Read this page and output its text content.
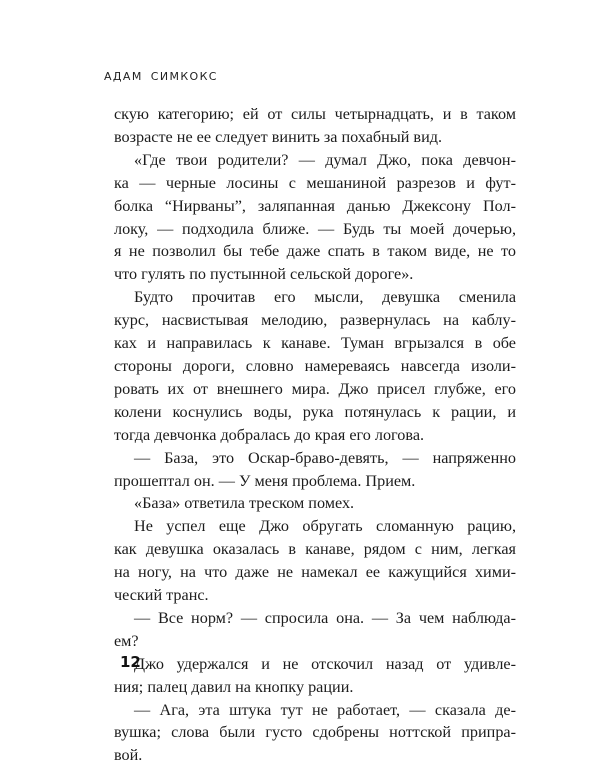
АДАМ СИМКОКС
скую категорию; ей от силы четырнадцать, и в таком
возрасте не ее следует винить за похабный вид.
«Где твои родители? — думал Джо, пока девчон-
ка — черные лосины с мешаниной разрезов и фут-
болка “Нирваны”, заляпанная данью Джексону Пол-
локу, — подходила ближе. — Будь ты моей дочерью,
я не позволил бы тебе даже спать в таком виде, не то
что гулять по пустынной сельской дороге».
Будто прочитав его мысли, девушка сменила
курс, насвистывая мелодию, развернулась на каблу-
ках и направилась к канаве. Туман вгрызался в обе
стороны дороги, словно намереваясь навсегда изоли-
ровать их от внешнего мира. Джо присел глубже, его
колени коснулись воды, рука потянулась к рации, и
тогда девчонка добралась до края его логова.
— База, это Оскар-браво-девять, — напряженно
прошептал он. — У меня проблема. Прием.
«База» ответила треском помех.
Не успел еще Джо обругать сломанную рацию,
как девушка оказалась в канаве, рядом с ним, легкая
на ногу, на что даже не намекал ее кажущийся хими-
ческий транс.
— Все норм? — спросила она. — За чем наблюда-
ем?
Джо удержался и не отскочил назад от удивле-
ния; палец давил на кнопку рации.
— Ага, эта штука тут не работает, — сказала де-
вушка; слова были густо сдобрены ноттской припра-
вой.
12
